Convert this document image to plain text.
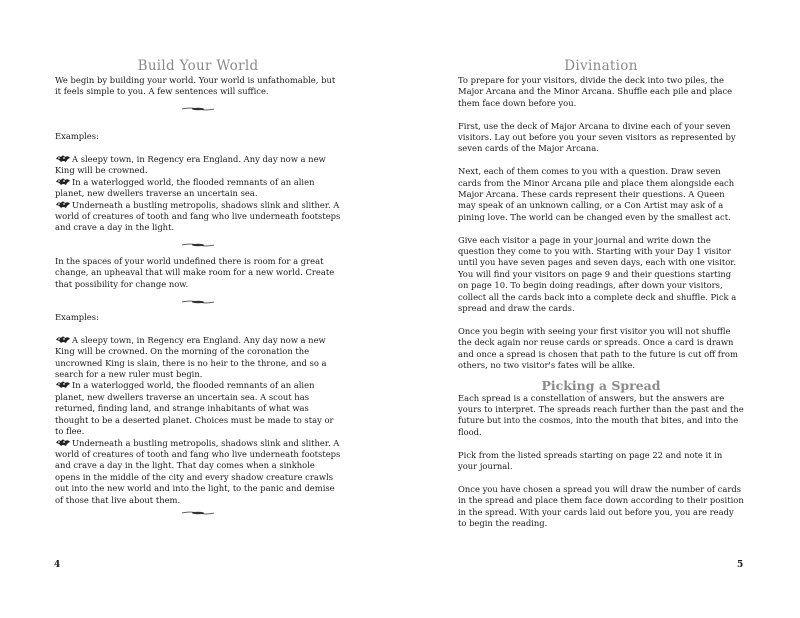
Build Your World

We begin by building your world. Your world is unfathomable, but it feels simple to you. A few sentences will suffice.

Examples:

A sleepy town, in Regency era England. Any day now a new King will be crowned.

In a waterlogged world, the flooded remnants of an alien planet, new dwellers traverse an uncertain sea.

Underneath a bustling metropolis, shadows slink and slither. A world of creatures of tooth and fang who live underneath footsteps and crave a day in the light.

In the spaces of your world undefined there is room for a great change, an upheaval that will make room for a new world. Create that possibility for change now.

Examples:

A sleepy town, in Regency era England. Any day now a new King will be crowned. On the morning of the coronation the uncrowned King is slain, there is no heir to the throne, and so a search for a new ruler must begin.

In a waterlogged world, the flooded remnants of an alien planet, new dwellers traverse an uncertain sea. A scout has returned, finding land, and strange inhabitants of what was thought to be a deserted planet. Choices must be made to stay or to flee.

Underneath a bustling metropolis, shadows slink and slither. A world of creatures of tooth and fang who live underneath footsteps and crave a day in the light. That day comes when a sinkhole opens in the middle of the city and every shadow creature crawls out into the new world and into the light, to the panic and demise of those that live about them.

Divination

To prepare for your visitors, divide the deck into two piles, the Major Arcana and the Minor Arcana. Shuffle each pile and place them face down before you.

First, use the deck of Major Arcana to divine each of your seven visitors. Lay out before you your seven visitors as represented by seven cards of the Major Arcana.

Next, each of them comes to you with a question. Draw seven cards from the Minor Arcana pile and place them alongside each Major Arcana. These cards represent their questions. A Queen may speak of an unknown calling, or a Con Artist may ask of a pining love. The world can be changed even by the smallest act.

Give each visitor a page in your journal and write down the question they come to you with. Starting with your Day 1 visitor until you have seven pages and seven days, each with one visitor. You will find your visitors on page 9 and their questions starting on page 10. To begin doing readings, after down your visitors, collect all the cards back into a complete deck and shuffle. Pick a spread and draw the cards.

Once you begin with seeing your first visitor you will not shuffle the deck again nor reuse cards or spreads. Once a card is drawn and once a spread is chosen that path to the future is cut off from others, no two visitor's fates will be alike.

Picking a Spread

Each spread is a constellation of answers, but the answers are yours to interpret. The spreads reach further than the past and the future but into the cosmos, into the mouth that bites, and into the flood.

Pick from the listed spreads starting on page 22 and note it in your journal.

Once you have chosen a spread you will draw the number of cards in the spread and place them face down according to their position in the spread. With your cards laid out before you, you are ready to begin the reading.

4	5
